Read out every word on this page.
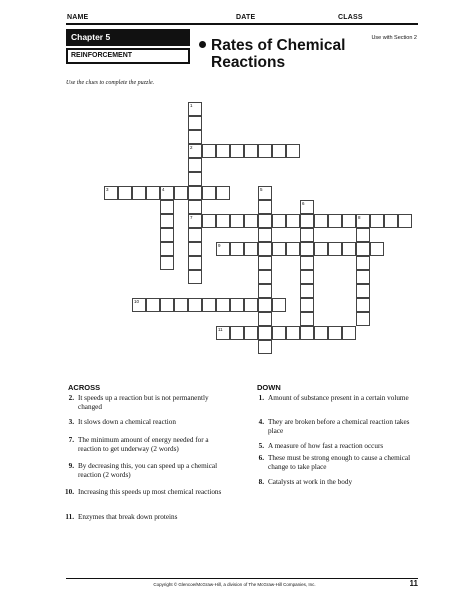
NAME	DATE	CLASS
Chapter 5
REINFORCEMENT
Use with Section 2
Rates of Chemical
Reactions
Use the clues to complete the puzzle.
1
2
3	4	5
6
7	8
9
10
11
ACROSS	DOWN
2. It speeds up a reaction but is not permanently changed
3. It slows down a chemical reaction
7. The minimum amount of energy needed for a reaction to get underway (2 words)
9. By decreasing this, you can speed up a chemical reaction (2 words)
10. Increasing this speeds up most chemical reactions
11. Enzymes that break down proteins
1. Amount of substance present in a certain volume
4. They are broken before a chemical reaction takes place
5. A measure of how fast a reaction occurs
6. These must be strong enough to cause a chemical change to take place
8. Catalysts at work in the body
Copyright © Glencoe/McGraw-Hill, a division of The McGraw-Hill Companies, Inc.	11
